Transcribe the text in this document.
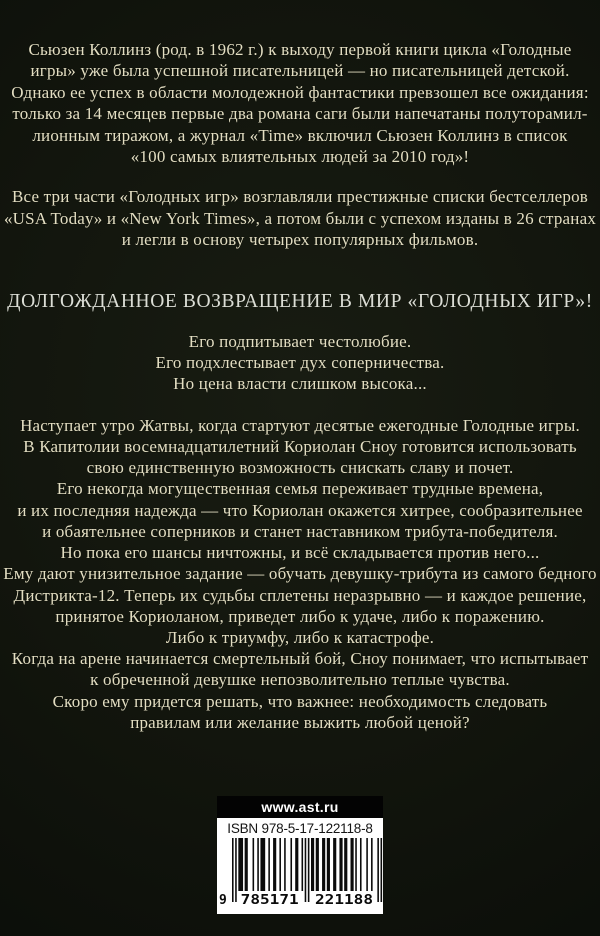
Сьюзен Коллинз (род. в 1962 г.) к выходу первой книги цикла «Голодные
игры» уже была успешной писательницей — но писательницей детской.
Однако ее успех в области молодежной фантастики превзошел все ожидания:
только за 14 месяцев первые два романа саги были напечатаны полуторамил-
лионным тиражом, а журнал «Time» включил Сьюзен Коллинз в список
«100 самых влиятельных людей за 2010 год»!
Все три части «Голодных игр» возглавляли престижные списки бестселлеров
«USA Today» и «New York Times», а потом были с успехом изданы в 26 странах
и легли в основу четырех популярных фильмов.
ДОЛГОЖДАННОЕ ВОЗВРАЩЕНИЕ В МИР «ГОЛОДНЫХ ИГР»!
Его подпитывает честолюбие.
Его подхлестывает дух соперничества.
Но цена власти слишком высока...
Наступает утро Жатвы, когда стартуют десятые ежегодные Голодные игры.
В Капитолии восемнадцатилетний Кориолан Сноу готовится использовать
свою единственную возможность снискать славу и почет.
Его некогда могущественная семья переживает трудные времена,
и их последняя надежда — что Кориолан окажется хитрее, сообразительнее
и обаятельнее соперников и станет наставником трибута-победителя.
Но пока его шансы ничтожны, и всё складывается против него...
Ему дают унизительное задание — обучать девушку-трибута из самого бедного
Дистрикта-12. Теперь их судьбы сплетены неразрывно — и каждое решение,
принятое Кориоланом, приведет либо к удаче, либо к поражению.
Либо к триумфу, либо к катастрофе.
Когда на арене начинается смертельный бой, Сноу понимает, что испытывает
к обреченной девушке непозволительно теплые чувства.
Скоро ему придется решать, что важнее: необходимость следовать
правилам или желание выжить любой ценой?
www.ast.ru
ISBN 978-5-17-122118-8
9 785171 221188
